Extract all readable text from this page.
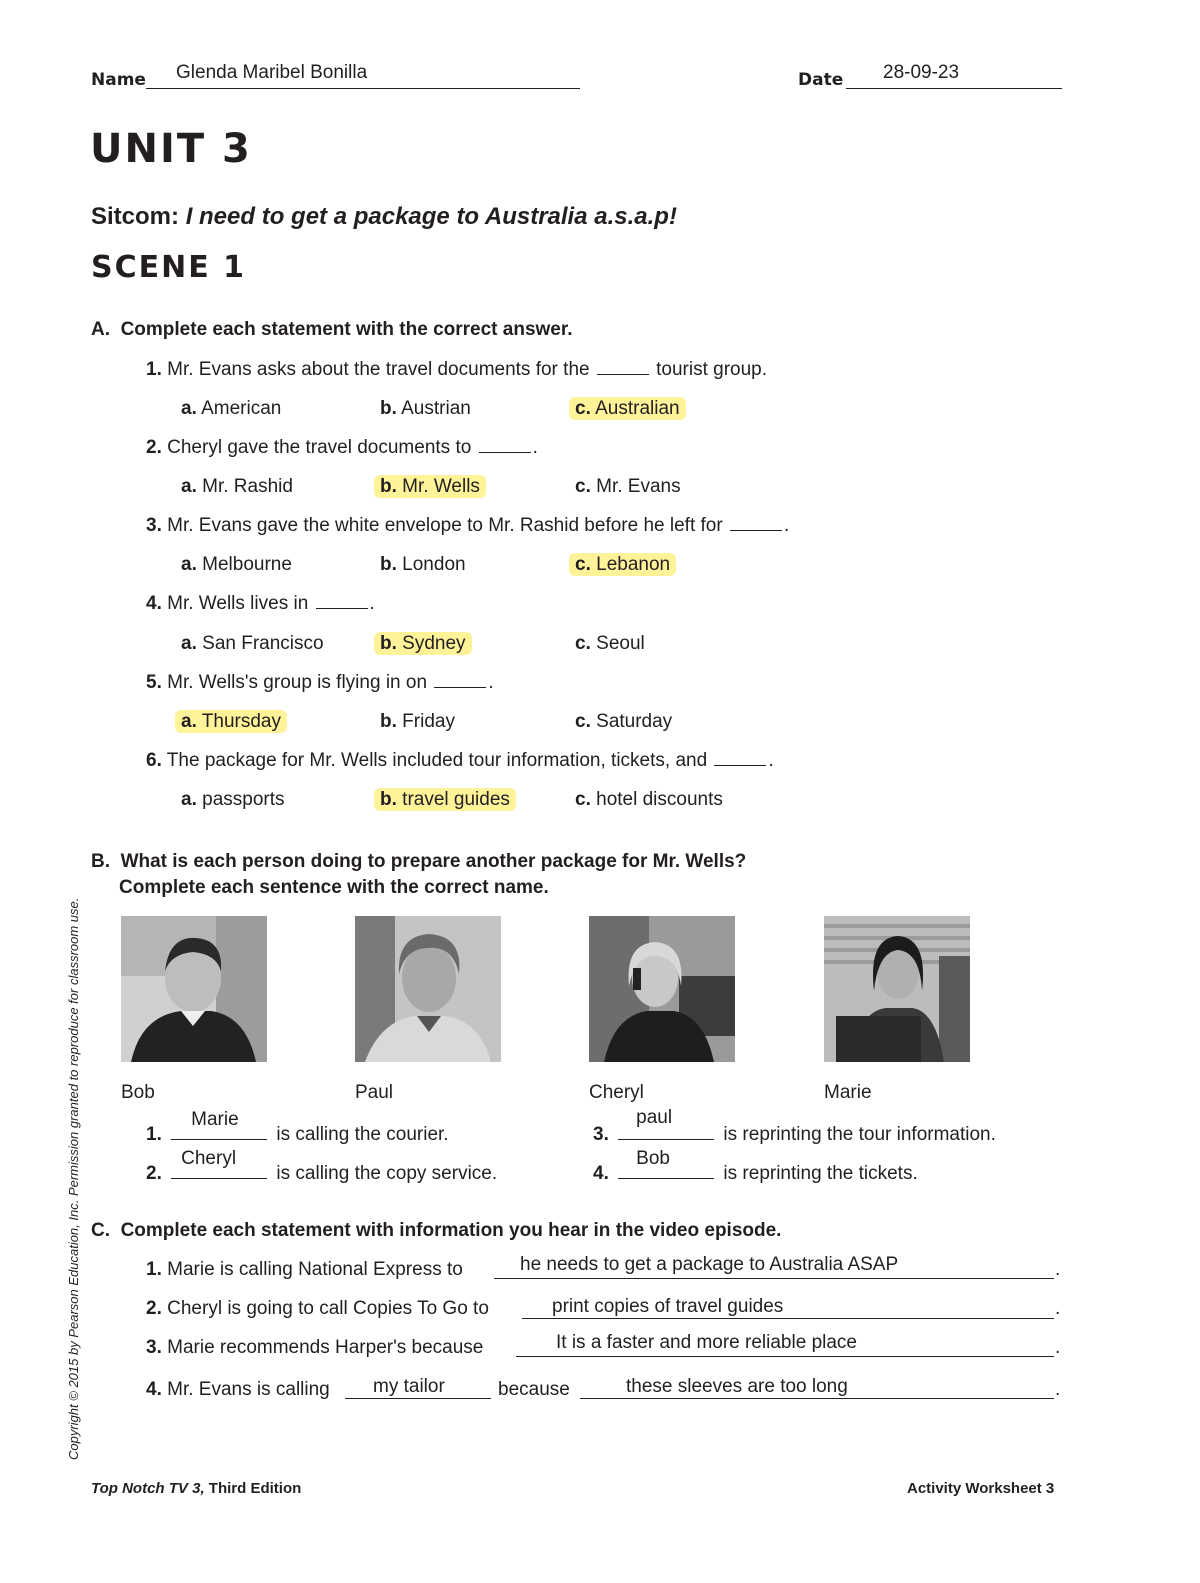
Name Glenda Maribel Bonilla	Date 28-09-23
UNIT 3
Sitcom: I need to get a package to Australia a.s.a.p!
SCENE 1
A. Complete each statement with the correct answer.
1. Mr. Evans asks about the travel documents for the	tourist group.
a. American	b. Austrian	c. Australian
2. Cheryl gave the travel documents to	.
a. Mr. Rashid	b. Mr. Wells	c. Mr. Evans
3. Mr. Evans gave the white envelope to Mr. Rashid before he left for	.
a. Melbourne	b. London	c. Lebanon
4. Mr. Wells lives in	.
a. San Francisco	b. Sydney	c. Seoul
5. Mr. Wells's group is flying in on	.
a. Thursday	b. Friday	c. Saturday
6. The package for Mr. Wells included tour information, tickets, and	.
a. passports	b. travel guides	c. hotel discounts
B. What is each person doing to prepare another package for Mr. Wells?
Complete each sentence with the correct name.
Bob	Paul	Cheryl	Marie
1.
Marie
is calling the courier.
2.
Cheryl
is calling the copy service.
3.
paul
is reprinting the tour information.
4.
Bob
is reprinting the tickets.
C. Complete each statement with information you hear in the video episode.
1. Marie is calling National Express to	he needs to get a package to Australia ASAP	.
2. Cheryl is going to call Copies To Go to	print copies of travel guides	.
3. Marie recommends Harper's because	It is a faster and more reliable place	.
4. Mr. Evans is calling my tailor	because	these sleeves are too long	.
Copyright © 2015 by Pearson Education, Inc. Permission granted to reproduce for classroom use.
Top Notch TV 3, Third Edition	Activity Worksheet 3
